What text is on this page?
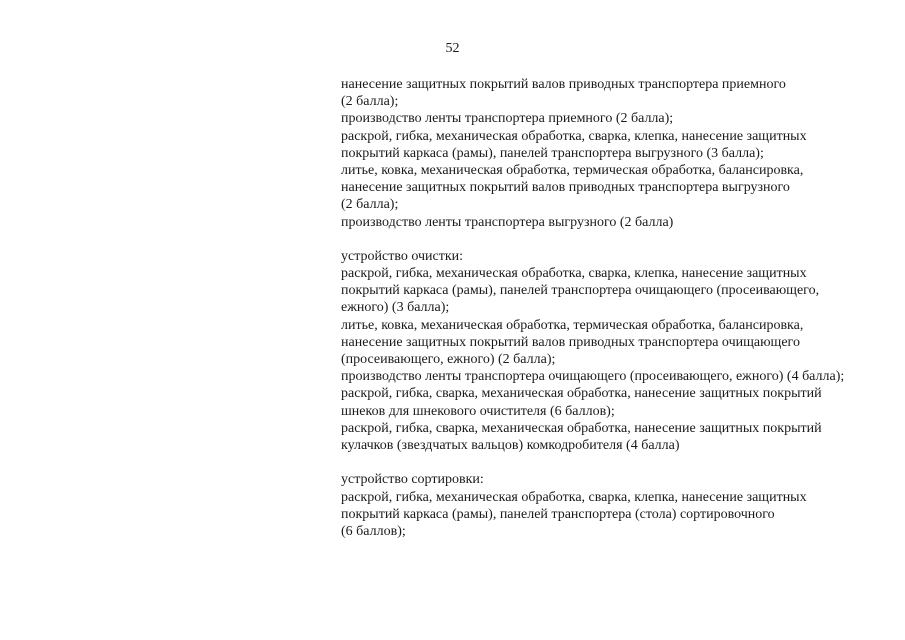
52
нанесение защитных покрытий валов приводных транспортера приемного
(2 балла);
производство ленты транспортера приемного (2 балла);
раскрой, гибка, механическая обработка, сварка, клепка, нанесение защитных
покрытий каркаса (рамы), панелей транспортера выгрузного (3 балла);
литье, ковка, механическая обработка, термическая обработка, балансировка,
нанесение защитных покрытий валов приводных транспортера выгрузного
(2 балла);
производство ленты транспортера выгрузного (2 балла)
устройство очистки:
раскрой, гибка, механическая обработка, сварка, клепка, нанесение защитных
покрытий каркаса (рамы), панелей транспортера очищающего (просеивающего,
ежного) (3 балла);
литье, ковка, механическая обработка, термическая обработка, балансировка,
нанесение защитных покрытий валов приводных транспортера очищающего
(просеивающего, ежного) (2 балла);
производство ленты транспортера очищающего (просеивающего, ежного) (4 балла);
раскрой, гибка, сварка, механическая обработка, нанесение защитных покрытий
шнеков для шнекового очистителя (6 баллов);
раскрой, гибка, сварка, механическая обработка, нанесение защитных покрытий
кулачков (звездчатых вальцов) комкодробителя (4 балла)
устройство сортировки:
раскрой, гибка, механическая обработка, сварка, клепка, нанесение защитных
покрытий каркаса (рамы), панелей транспортера (стола) сортировочного
(6 баллов);
